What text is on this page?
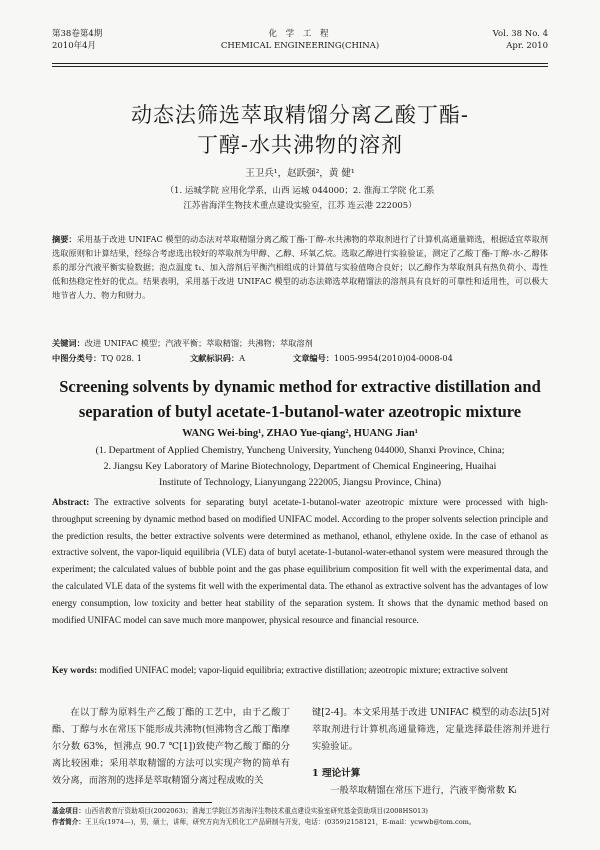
第38卷第4期
2010年4月
化 学 工 程
CHEMICAL ENGINEERING(CHINA)
Vol. 38 No. 4
Apr. 2010
动态法筛选萃取精馏分离乙酸丁酯-
丁醇-水共沸物的溶剂
王卫兵¹，赵跃强²，黄 健¹
（1. 运城学院 应用化学系，山西 运城 044000；2. 淮海工学院 化工系
江苏省海洋生物技术重点建设实验室，江苏 连云港 222005）
摘要：采用基于改进 UNIFAC 模型的动态法对萃取精馏分离乙酸丁酯-丁醇-水共沸物的萃取剂进行了计算机高通量筛选，根据适宜萃取剂选取原则和计算结果，经综合考虑选出较好的萃取剂为甲醇、乙醇、环氧乙烷。选取乙醇进行实验验证，测定了乙酸丁酯-丁醇-水-乙醇体系的部分汽液平衡实验数据；泡点温度 t₁、加入溶剂后平衡汽相组成的计算值与实验值吻合良好；以乙醇作为萃取剂具有热负荷小、毒性低和热稳定性好的优点。结果表明，采用基于改进 UNIFAC 模型的动态法筛选萃取精馏法的溶剂具有良好的可靠性和适用性，可以极大地节省人力、物力和财力。
关键词： 改进 UNIFAC 模型；汽液平衡；萃取精馏；共沸物；萃取溶剂
中图分类号： TQ 028. 1	文献标识码： A	文章编号： 1005-9954(2010)04-0008-04
Screening solvents by dynamic method for extractive distillation and
separation of butyl acetate-1-butanol-water azeotropic mixture
WANG Wei-bing¹, ZHAO Yue-qiang², HUANG Jian¹
(1. Department of Applied Chemistry, Yuncheng University, Yuncheng 044000, Shanxi Province, China;
2. Jiangsu Key Laboratory of Marine Biotechnology, Department of Chemical Engineering, Huaihai
Institute of Technology, Lianyungang 222005, Jiangsu Province, China)
Abstract: The extractive solvents for separating butyl acetate-1-butanol-water azeotropic mixture were processed with high-throughput screening by dynamic method based on modified UNIFAC model. According to the proper solvents selection principle and the prediction results, the better extractive solvents were determined as methanol, ethanol, ethylene oxide. In the case of ethanol as extractive solvent, the vapor-liquid equilibria (VLE) data of butyl acetate-1-butanol-water-ethanol system were measured through the experiment; the calculated values of bubble point and the gas phase equilibrium composition fit well with the experimental data, and the calculated VLE data of the systems fit well with the experimental data. The ethanol as extractive solvent has the advantages of low energy consumption, low toxicity and better heat stability of the separation system. It shows that the dynamic method based on modified UNIFAC model can save much more manpower, physical resource and financial resource.
Key words: modified UNIFAC model; vapor-liquid equilibria; extractive distillation; azeotropic mixture; extractive solvent
在以丁醇为原料生产乙酸丁酯的工艺中，由于乙酸丁酯、丁醇与水在常压下能形成共沸物(恒沸物含乙酸丁酯摩尔分数 63%，恒沸点 90.7 ℃[1])致使产物乙酸丁酯的分离比较困难；采用萃取精馏的方法可以实现产物的简单有效分离，而溶剂的选择是萃取精馏分离过程成败的关
键[2-4]。本文采用基于改进 UNIFAC 模型的动态法[5]对萃取剂进行计算机高通量筛选，定量选择最佳溶剂并进行实验验证。
1 理论计算
一般萃取精馏在常压下进行，汽液平衡常数 Kᵢ
基金项目：山西省教育厅资助项目(2002063)；淮海工学院江苏省海洋生物技术重点建设实验室研究基金资助项目(2008HS013)
作者简介：王卫兵(1974—)，男，硕士，讲师，研究方向为无机化工产品研制与开发，电话：(0359)2158121，E-mail：ycwwb@tom.com。
